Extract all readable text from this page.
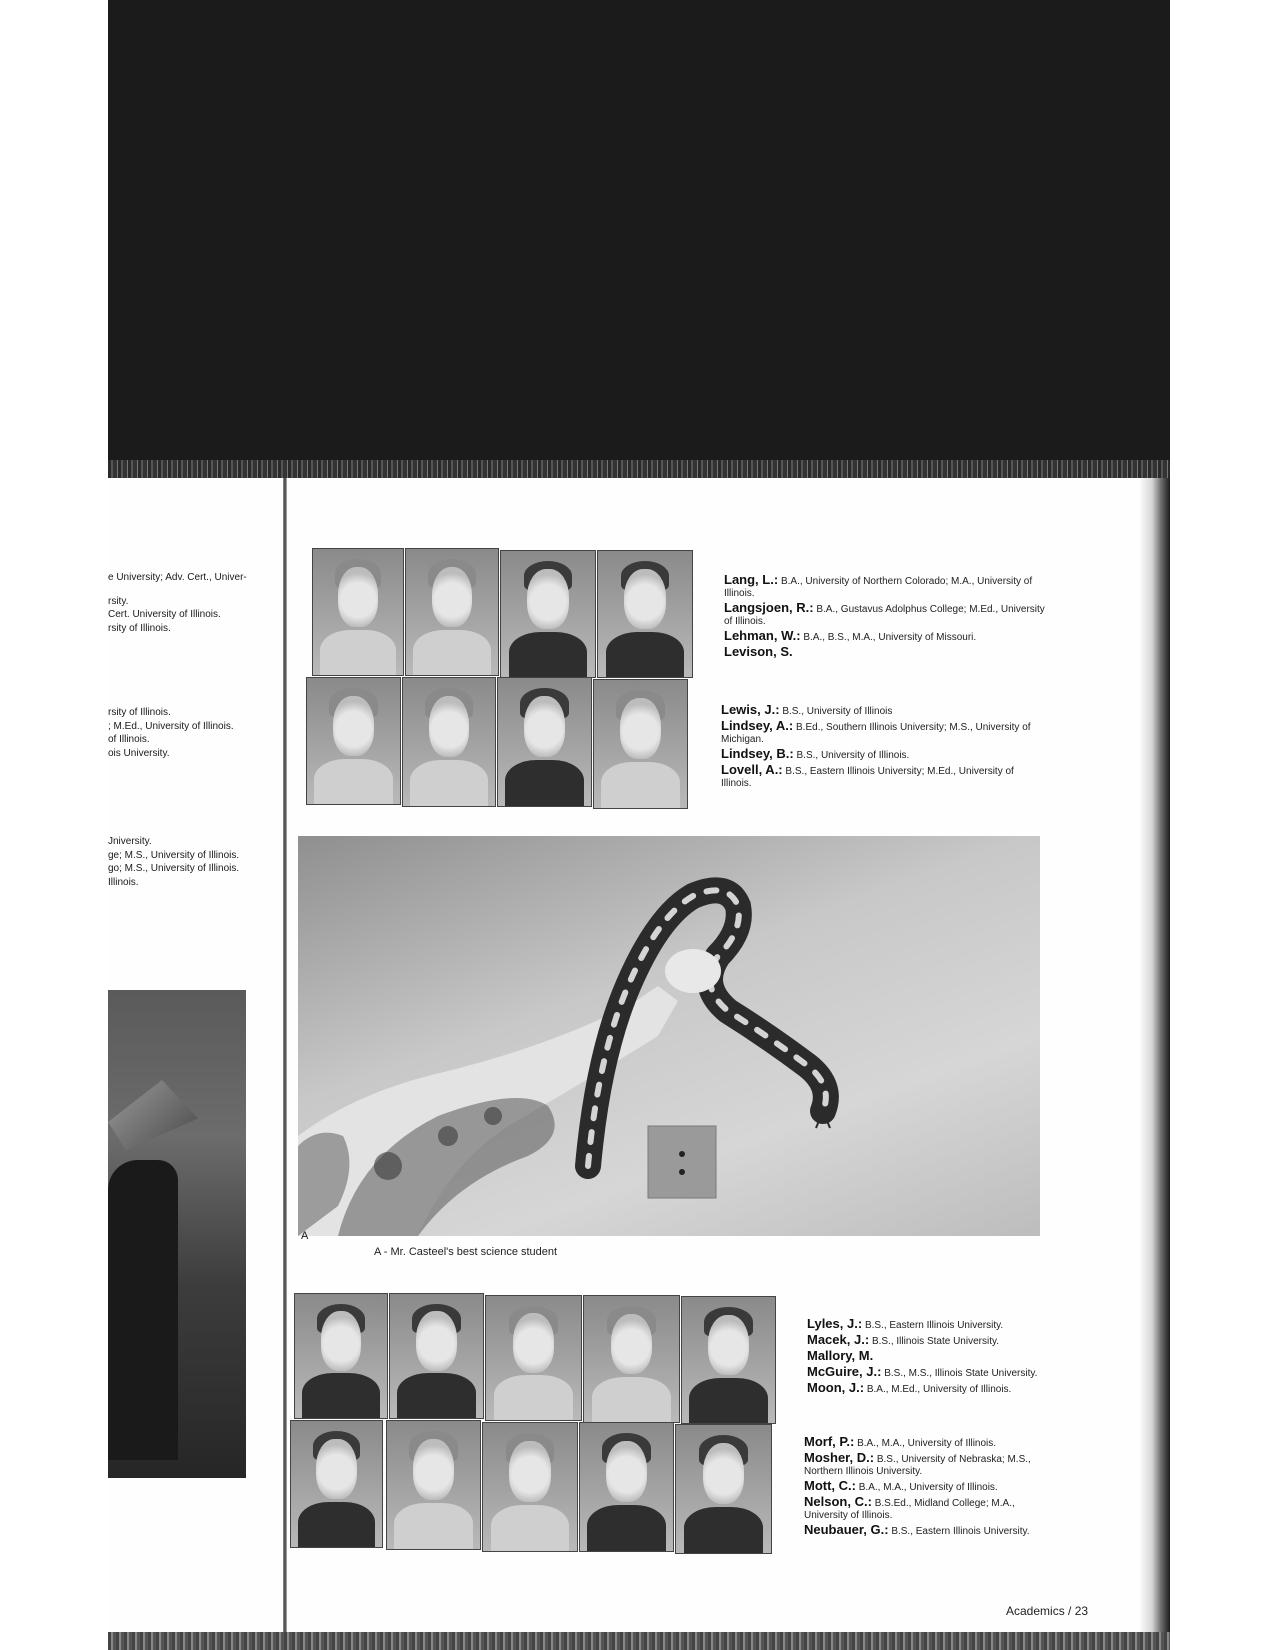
e University; Adv. Cert., Univer-
rsity.
Cert. University of Illinois.
rsity of Illinois.
rsity of Illinois.
; M.Ed., University of Illinois.
of Illinois.
ois University.
Jniversity.
ge; M.S., University of Illinois.
go; M.S., University of Illinois.
Illinois.

Lang, L.: B.A., University of Northern Colorado; M.A., University of Illinois.

Langsjoen, R.: B.A., Gustavus Adolphus College; M.Ed., University of Illinois.

Lehman, W.: B.A., B.S., M.A., University of Missouri.

Levison, S.

Lewis, J.: B.S., University of Illinois

Lindsey, A.: B.Ed., Southern Illinois University; M.S., University of Michigan.

Lindsey, B.: B.S., University of Illinois.

Lovell, A.: B.S., Eastern Illinois University; M.Ed., University of Illinois.

A
A - Mr. Casteel's best science student

Lyles, J.: B.S., Eastern Illinois University.

Macek, J.: B.S., Illinois State University.

Mallory, M.

McGuire, J.: B.S., M.S., Illinois State University.

Moon, J.: B.A., M.Ed., University of Illinois.

Morf, P.: B.A., M.A., University of Illinois.

Mosher, D.: B.S., University of Nebraska; M.S., Northern Illinois University.

Mott, C.: B.A., M.A., University of Illinois.

Nelson, C.: B.S.Ed., Midland College; M.A., University of Illinois.

Neubauer, G.: B.S., Eastern Illinois University.

Academics / 23
